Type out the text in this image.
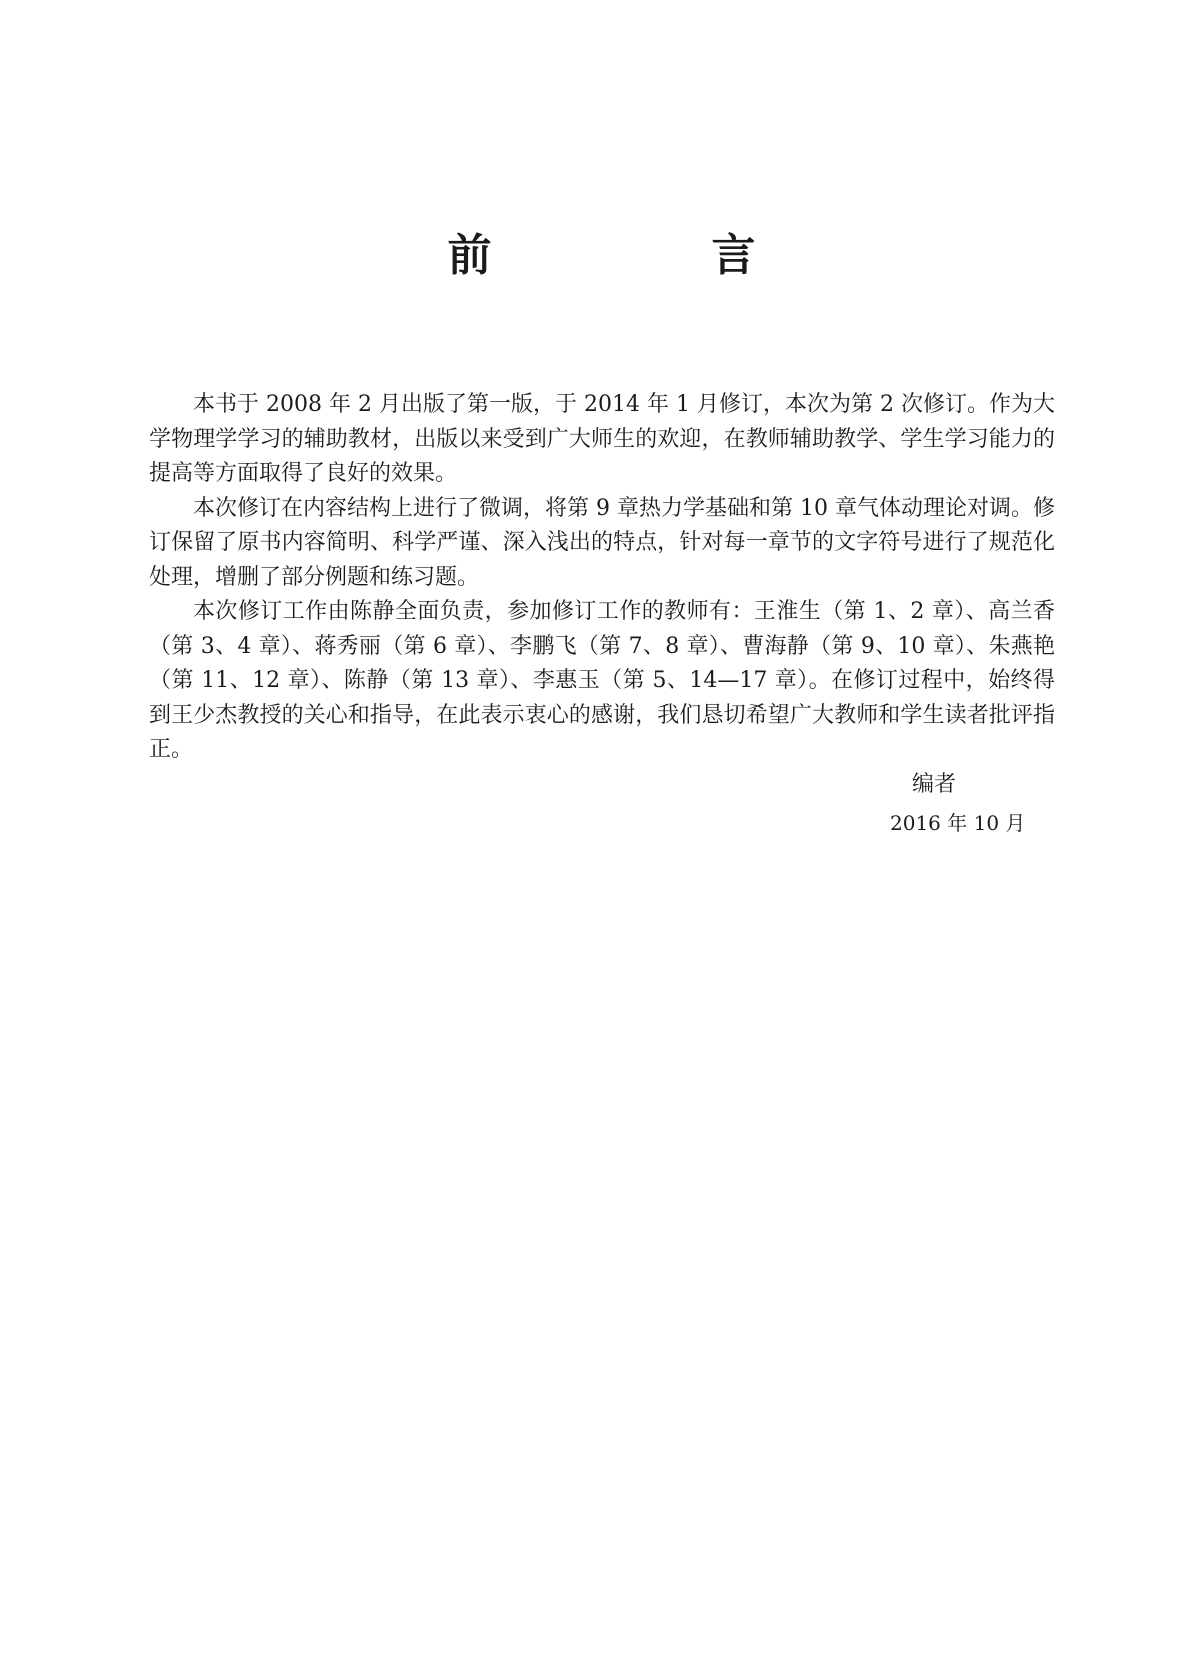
前　言

本书于 2008 年 2 月出版了第一版，于 2014 年 1 月修订，本次为第 2 次修订。作为大学物理学学习的辅助教材，出版以来受到广大师生的欢迎，在教师辅助教学、学生学习能力的提高等方面取得了良好的效果。

本次修订在内容结构上进行了微调，将第 9 章热力学基础和第 10 章气体动理论对调。修订保留了原书内容简明、科学严谨、深入浅出的特点，针对每一章节的文字符号进行了规范化处理，增删了部分例题和练习题。

本次修订工作由陈静全面负责，参加修订工作的教师有：王淮生（第 1、2 章）、高兰香（第 3、4 章）、蒋秀丽（第 6 章）、李鹏飞（第 7、8 章）、曹海静（第 9、10 章）、朱燕艳（第 11、12 章）、陈静（第 13 章）、李惠玉（第 5、14—17 章）。在修订过程中，始终得到王少杰教授的关心和指导，在此表示衷心的感谢，我们恳切希望广大教师和学生读者批评指正。

编者
2016 年 10 月
